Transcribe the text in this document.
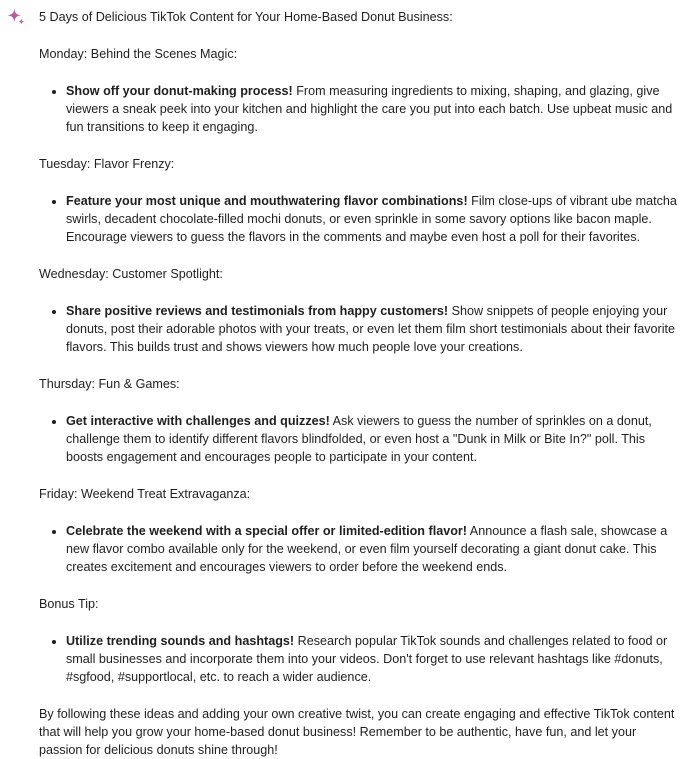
5 Days of Delicious TikTok Content for Your Home-Based Donut Business:

Monday: Behind the Scenes Magic:

Show off your donut-making process! From measuring ingredients to mixing, shaping, and glazing, give viewers a sneak peek into your kitchen and highlight the care you put into each batch. Use upbeat music and fun transitions to keep it engaging.

Tuesday: Flavor Frenzy:

Feature your most unique and mouthwatering flavor combinations! Film close-ups of vibrant ube matcha swirls, decadent chocolate-filled mochi donuts, or even sprinkle in some savory options like bacon maple. Encourage viewers to guess the flavors in the comments and maybe even host a poll for their favorites.

Wednesday: Customer Spotlight:

Share positive reviews and testimonials from happy customers! Show snippets of people enjoying your donuts, post their adorable photos with your treats, or even let them film short testimonials about their favorite flavors. This builds trust and shows viewers how much people love your creations.

Thursday: Fun & Games:

Get interactive with challenges and quizzes! Ask viewers to guess the number of sprinkles on a donut, challenge them to identify different flavors blindfolded, or even host a "Dunk in Milk or Bite In?" poll. This boosts engagement and encourages people to participate in your content.

Friday: Weekend Treat Extravaganza:

Celebrate the weekend with a special offer or limited-edition flavor! Announce a flash sale, showcase a new flavor combo available only for the weekend, or even film yourself decorating a giant donut cake. This creates excitement and encourages viewers to order before the weekend ends.

Bonus Tip:

Utilize trending sounds and hashtags! Research popular TikTok sounds and challenges related to food or small businesses and incorporate them into your videos. Don't forget to use relevant hashtags like #donuts, #sgfood, #supportlocal, etc. to reach a wider audience.

By following these ideas and adding your own creative twist, you can create engaging and effective TikTok content that will help you grow your home-based donut business! Remember to be authentic, have fun, and let your passion for delicious donuts shine through!
